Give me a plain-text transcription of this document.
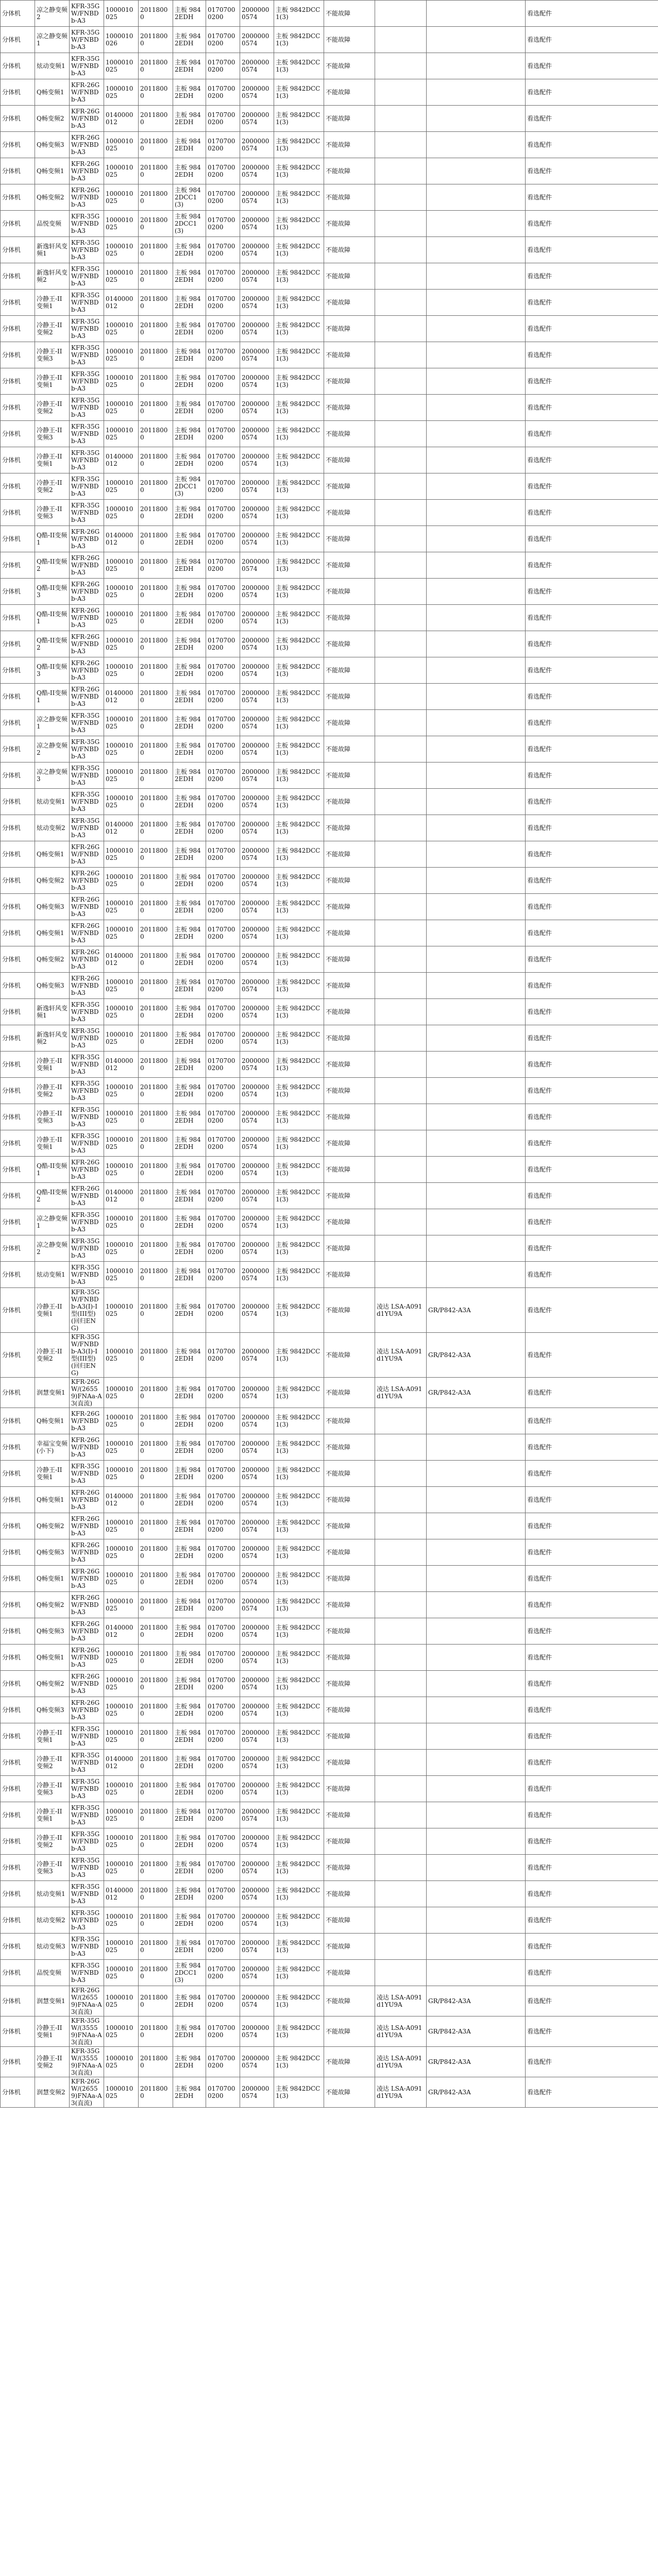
分体机	凉之静变频2	KFR-35GW/FNBDb-A3	1000010025	20118000	主板 9842EDH	01707000200	20000000574	主板 9842DCC1(3)	不能故障			看选配件
分体机	凉之静变频1	KFR-35GW/FNBDb-A3	1000010026	20118000	主板 9842EDH	01707000200	20000000574	主板 9842DCC1(3)	不能故障			看选配件
分体机	炫动变频1	KFR-35GW/FNBDb-A3	1000010025	20118000	主板 9842EDH	01707000200	20000000574	主板 9842DCC1(3)	不能故障			看选配件
分体机	Q畅变频1	KFR-26GW/FNBDb-A3	1000010025	20118000	主板 9842EDH	01707000200	20000000574	主板 9842DCC1(3)	不能故障			看选配件
分体机	Q畅变频2	KFR-26GW/FNBDb-A3	0140000012	20118000	主板 9842EDH	01707000200	20000000574	主板 9842DCC1(3)	不能故障			看选配件
分体机	Q畅变频3	KFR-26GW/FNBDb-A3	1000010025	20118000	主板 9842EDH	01707000200	20000000574	主板 9842DCC1(3)	不能故障			看选配件
分体机	Q畅变频1	KFR-26GW/FNBDb-A3	1000010025	20118000	主板 9842EDH	01707000200	20000000574	主板 9842DCC1(3)	不能故障			看选配件
分体机	Q畅变频2	KFR-26GW/FNBDb-A3	1000010025	20118000	主板 9842DCC1(3)	01707000200	20000000574	主板 9842DCC1(3)	不能故障			看选配件
分体机	品悦变频	KFR-35GW/FNBDb-A3	1000010025	20118000	主板 9842DCC1(3)	01707000200	20000000574	主板 9842DCC1(3)	不能故障			看选配件
分体机	新逸轩风变频1	KFR-35GW/FNBDb-A3	1000010025	20118000	主板 9842EDH	01707000200	20000000574	主板 9842DCC1(3)	不能故障			看选配件
分体机	新逸轩风变频2	KFR-35GW/FNBDb-A3	1000010025	20118000	主板 9842EDH	01707000200	20000000574	主板 9842DCC1(3)	不能故障			看选配件
分体机	冷静王-II变频1	KFR-35GW/FNBDb-A3	0140000012	20118000	主板 9842EDH	01707000200	20000000574	主板 9842DCC1(3)	不能故障			看选配件
分体机	冷静王-II变频2	KFR-35GW/FNBDb-A3	1000010025	20118000	主板 9842EDH	01707000200	20000000574	主板 9842DCC1(3)	不能故障			看选配件
分体机	冷静王-II变频3	KFR-35GW/FNBDb-A3	1000010025	20118000	主板 9842EDH	01707000200	20000000574	主板 9842DCC1(3)	不能故障			看选配件
分体机	冷静王-II变频1	KFR-35GW/FNBDb-A3	1000010025	20118000	主板 9842EDH	01707000200	20000000574	主板 9842DCC1(3)	不能故障			看选配件
分体机	冷静王-II变频2	KFR-35GW/FNBDb-A3	1000010025	20118000	主板 9842EDH	01707000200	20000000574	主板 9842DCC1(3)	不能故障			看选配件
分体机	冷静王-II变频3	KFR-35GW/FNBDb-A3	1000010025	20118000	主板 9842EDH	01707000200	20000000574	主板 9842DCC1(3)	不能故障			看选配件
分体机	冷静王-II变频1	KFR-35GW/FNBDb-A3	0140000012	20118000	主板 9842EDH	01707000200	20000000574	主板 9842DCC1(3)	不能故障			看选配件
分体机	冷静王-II变频2	KFR-35GW/FNBDb-A3	1000010025	20118000	主板 9842DCC1(3)	01707000200	20000000574	主板 9842DCC1(3)	不能故障			看选配件
分体机	冷静王-II变频3	KFR-35GW/FNBDb-A3	1000010025	20118000	主板 9842EDH	01707000200	20000000574	主板 9842DCC1(3)	不能故障			看选配件
分体机	Q酷-II变频1	KFR-26GW/FNBDb-A3	0140000012	20118000	主板 9842EDH	01707000200	20000000574	主板 9842DCC1(3)	不能故障			看选配件
分体机	Q酷-II变频2	KFR-26GW/FNBDb-A3	1000010025	20118000	主板 9842EDH	01707000200	20000000574	主板 9842DCC1(3)	不能故障			看选配件
分体机	Q酷-II变频3	KFR-26GW/FNBDb-A3	1000010025	20118000	主板 9842EDH	01707000200	20000000574	主板 9842DCC1(3)	不能故障			看选配件
分体机	Q酷-II变频1	KFR-26GW/FNBDb-A3	1000010025	20118000	主板 9842EDH	01707000200	20000000574	主板 9842DCC1(3)	不能故障			看选配件
分体机	Q酷-II变频2	KFR-26GW/FNBDb-A3	1000010025	20118000	主板 9842EDH	01707000200	20000000574	主板 9842DCC1(3)	不能故障			看选配件
分体机	Q酷-II变频3	KFR-26GW/FNBDb-A3	1000010025	20118000	主板 9842EDH	01707000200	20000000574	主板 9842DCC1(3)	不能故障			看选配件
分体机	Q酷-II变频1	KFR-26GW/FNBDb-A3	0140000012	20118000	主板 9842EDH	01707000200	20000000574	主板 9842DCC1(3)	不能故障			看选配件
分体机	凉之静变频1	KFR-35GW/FNBDb-A3	1000010025	20118000	主板 9842EDH	01707000200	20000000574	主板 9842DCC1(3)	不能故障			看选配件
分体机	凉之静变频2	KFR-35GW/FNBDb-A3	1000010025	20118000	主板 9842EDH	01707000200	20000000574	主板 9842DCC1(3)	不能故障			看选配件
分体机	凉之静变频3	KFR-35GW/FNBDb-A3	1000010025	20118000	主板 9842EDH	01707000200	20000000574	主板 9842DCC1(3)	不能故障			看选配件
分体机	炫动变频1	KFR-35GW/FNBDb-A3	1000010025	20118000	主板 9842EDH	01707000200	20000000574	主板 9842DCC1(3)	不能故障			看选配件
分体机	炫动变频2	KFR-35GW/FNBDb-A3	0140000012	20118000	主板 9842EDH	01707000200	20000000574	主板 9842DCC1(3)	不能故障			看选配件
分体机	Q畅变频1	KFR-26GW/FNBDb-A3	1000010025	20118000	主板 9842EDH	01707000200	20000000574	主板 9842DCC1(3)	不能故障			看选配件
分体机	Q畅变频2	KFR-26GW/FNBDb-A3	1000010025	20118000	主板 9842EDH	01707000200	20000000574	主板 9842DCC1(3)	不能故障			看选配件
分体机	Q畅变频3	KFR-26GW/FNBDb-A3	1000010025	20118000	主板 9842EDH	01707000200	20000000574	主板 9842DCC1(3)	不能故障			看选配件
分体机	Q畅变频1	KFR-26GW/FNBDb-A3	1000010025	20118000	主板 9842EDH	01707000200	20000000574	主板 9842DCC1(3)	不能故障			看选配件
分体机	Q畅变频2	KFR-26GW/FNBDb-A3	0140000012	20118000	主板 9842EDH	01707000200	20000000574	主板 9842DCC1(3)	不能故障			看选配件
分体机	Q畅变频3	KFR-26GW/FNBDb-A3	1000010025	20118000	主板 9842EDH	01707000200	20000000574	主板 9842DCC1(3)	不能故障			看选配件
分体机	新逸轩风变频1	KFR-35GW/FNBDb-A3	1000010025	20118000	主板 9842EDH	01707000200	20000000574	主板 9842DCC1(3)	不能故障			看选配件
分体机	新逸轩风变频2	KFR-35GW/FNBDb-A3	1000010025	20118000	主板 9842EDH	01707000200	20000000574	主板 9842DCC1(3)	不能故障			看选配件
分体机	冷静王-II变频1	KFR-35GW/FNBDb-A3	0140000012	20118000	主板 9842EDH	01707000200	20000000574	主板 9842DCC1(3)	不能故障			看选配件
分体机	冷静王-II变频2	KFR-35GW/FNBDb-A3	1000010025	20118000	主板 9842EDH	01707000200	20000000574	主板 9842DCC1(3)	不能故障			看选配件
分体机	冷静王-II变频3	KFR-35GW/FNBDb-A3	1000010025	20118000	主板 9842EDH	01707000200	20000000574	主板 9842DCC1(3)	不能故障			看选配件
分体机	冷静王-II变频1	KFR-35GW/FNBDb-A3	1000010025	20118000	主板 9842EDH	01707000200	20000000574	主板 9842DCC1(3)	不能故障			看选配件
分体机	Q酷-II变频1	KFR-26GW/FNBDb-A3	1000010025	20118000	主板 9842EDH	01707000200	20000000574	主板 9842DCC1(3)	不能故障			看选配件
分体机	Q酷-II变频2	KFR-26GW/FNBDb-A3	0140000012	20118000	主板 9842EDH	01707000200	20000000574	主板 9842DCC1(3)	不能故障			看选配件
分体机	凉之静变频1	KFR-35GW/FNBDb-A3	1000010025	20118000	主板 9842EDH	01707000200	20000000574	主板 9842DCC1(3)	不能故障			看选配件
分体机	凉之静变频2	KFR-35GW/FNBDb-A3	1000010025	20118000	主板 9842EDH	01707000200	20000000574	主板 9842DCC1(3)	不能故障			看选配件
分体机	炫动变频1	KFR-35GW/FNBDb-A3	1000010025	20118000	主板 9842EDH	01707000200	20000000574	主板 9842DCC1(3)	不能故障			看选配件
分体机	冷静王-II变频1	KFR-35GW/FNBDb-A3(I)-I型(III型)(回归ENG)	1000010025	20118000	主板 9842EDH	01707000200	20000000574	主板 9842DCC1(3)	不能故障	凌达 LSA-A091d1YU9A	GR/P842-A3A	看选配件
分体机	冷静王-II变频2	KFR-35GW/FNBDb-A3(I)-I型(III型)(回归ENG)	1000010025	20118000	主板 9842EDH	01707000200	20000000574	主板 9842DCC1(3)	不能故障	凌达 LSA-A091d1YU9A	GR/P842-A3A	看选配件
分体机	润慧变频1	KFR-26GW/(26559)FNAa-A3(直流)	1000010025	20118000	主板 9842EDH	01707000200	20000000574	主板 9842DCC1(3)	不能故障	凌达 LSA-A091d1YU9A	GR/P842-A3A	看选配件
分体机	Q畅变频1	KFR-26GW/FNBDb-A3	1000010025	20118000	主板 9842EDH	01707000200	20000000574	主板 9842DCC1(3)	不能故障			看选配件
分体机	幸福宝变频(小下)	KFR-26GW/FNBDb-A3	1000010025	20118000	主板 9842EDH	01707000200	20000000574	主板 9842DCC1(3)	不能故障			看选配件
分体机	冷静王-II变频1	KFR-35GW/FNBDb-A3	1000010025	20118000	主板 9842EDH	01707000200	20000000574	主板 9842DCC1(3)	不能故障			看选配件
分体机	Q畅变频1	KFR-26GW/FNBDb-A3	0140000012	20118000	主板 9842EDH	01707000200	20000000574	主板 9842DCC1(3)	不能故障			看选配件
分体机	Q畅变频2	KFR-26GW/FNBDb-A3	1000010025	20118000	主板 9842EDH	01707000200	20000000574	主板 9842DCC1(3)	不能故障			看选配件
分体机	Q畅变频3	KFR-26GW/FNBDb-A3	1000010025	20118000	主板 9842EDH	01707000200	20000000574	主板 9842DCC1(3)	不能故障			看选配件
分体机	Q畅变频1	KFR-26GW/FNBDb-A3	1000010025	20118000	主板 9842EDH	01707000200	20000000574	主板 9842DCC1(3)	不能故障			看选配件
分体机	Q畅变频2	KFR-26GW/FNBDb-A3	1000010025	20118000	主板 9842EDH	01707000200	20000000574	主板 9842DCC1(3)	不能故障			看选配件
分体机	Q畅变频3	KFR-26GW/FNBDb-A3	0140000012	20118000	主板 9842EDH	01707000200	20000000574	主板 9842DCC1(3)	不能故障			看选配件
分体机	Q畅变频1	KFR-26GW/FNBDb-A3	1000010025	20118000	主板 9842EDH	01707000200	20000000574	主板 9842DCC1(3)	不能故障			看选配件
分体机	Q畅变频2	KFR-26GW/FNBDb-A3	1000010025	20118000	主板 9842EDH	01707000200	20000000574	主板 9842DCC1(3)	不能故障			看选配件
分体机	Q畅变频3	KFR-26GW/FNBDb-A3	1000010025	20118000	主板 9842EDH	01707000200	20000000574	主板 9842DCC1(3)	不能故障			看选配件
分体机	冷静王-II变频1	KFR-35GW/FNBDb-A3	1000010025	20118000	主板 9842EDH	01707000200	20000000574	主板 9842DCC1(3)	不能故障			看选配件
分体机	冷静王-II变频2	KFR-35GW/FNBDb-A3	0140000012	20118000	主板 9842EDH	01707000200	20000000574	主板 9842DCC1(3)	不能故障			看选配件
分体机	冷静王-II变频3	KFR-35GW/FNBDb-A3	1000010025	20118000	主板 9842EDH	01707000200	20000000574	主板 9842DCC1(3)	不能故障			看选配件
分体机	冷静王-II变频1	KFR-35GW/FNBDb-A3	1000010025	20118000	主板 9842EDH	01707000200	20000000574	主板 9842DCC1(3)	不能故障			看选配件
分体机	冷静王-II变频2	KFR-35GW/FNBDb-A3	1000010025	20118000	主板 9842EDH	01707000200	20000000574	主板 9842DCC1(3)	不能故障			看选配件
分体机	冷静王-II变频3	KFR-35GW/FNBDb-A3	1000010025	20118000	主板 9842EDH	01707000200	20000000574	主板 9842DCC1(3)	不能故障			看选配件
分体机	炫动变频1	KFR-35GW/FNBDb-A3	0140000012	20118000	主板 9842EDH	01707000200	20000000574	主板 9842DCC1(3)	不能故障			看选配件
分体机	炫动变频2	KFR-35GW/FNBDb-A3	1000010025	20118000	主板 9842EDH	01707000200	20000000574	主板 9842DCC1(3)	不能故障			看选配件
分体机	炫动变频3	KFR-35GW/FNBDb-A3	1000010025	20118000	主板 9842EDH	01707000200	20000000574	主板 9842DCC1(3)	不能故障			看选配件
分体机	品悦变频	KFR-35GW/FNBDb-A3	1000010025	20118000	主板 9842DCC1(3)	01707000200	20000000574	主板 9842DCC1(3)	不能故障			看选配件
分体机	润慧变频1	KFR-26GW/(26559)FNAa-A3(直流)	1000010025	20118000	主板 9842EDH	01707000200	20000000574	主板 9842DCC1(3)	不能故障	凌达 LSA-A091d1YU9A	GR/P842-A3A	看选配件
分体机	冷静王-II变频1	KFR-35GW/(35559)FNAa-A3(直流)	1000010025	20118000	主板 9842EDH	01707000200	20000000574	主板 9842DCC1(3)	不能故障	凌达 LSA-A091d1YU9A	GR/P842-A3A	看选配件
分体机	冷静王-II变频2	KFR-35GW/(35559)FNAa-A3(直流)	1000010025	20118000	主板 9842EDH	01707000200	20000000574	主板 9842DCC1(3)	不能故障	凌达 LSA-A091d1YU9A	GR/P842-A3A	看选配件
分体机	润慧变频2	KFR-26GW/(26559)FNAa-A3(直流)	1000010025	20118000	主板 9842EDH	01707000200	20000000574	主板 9842DCC1(3)	不能故障	凌达 LSA-A091d1YU9A	GR/P842-A3A	看选配件
